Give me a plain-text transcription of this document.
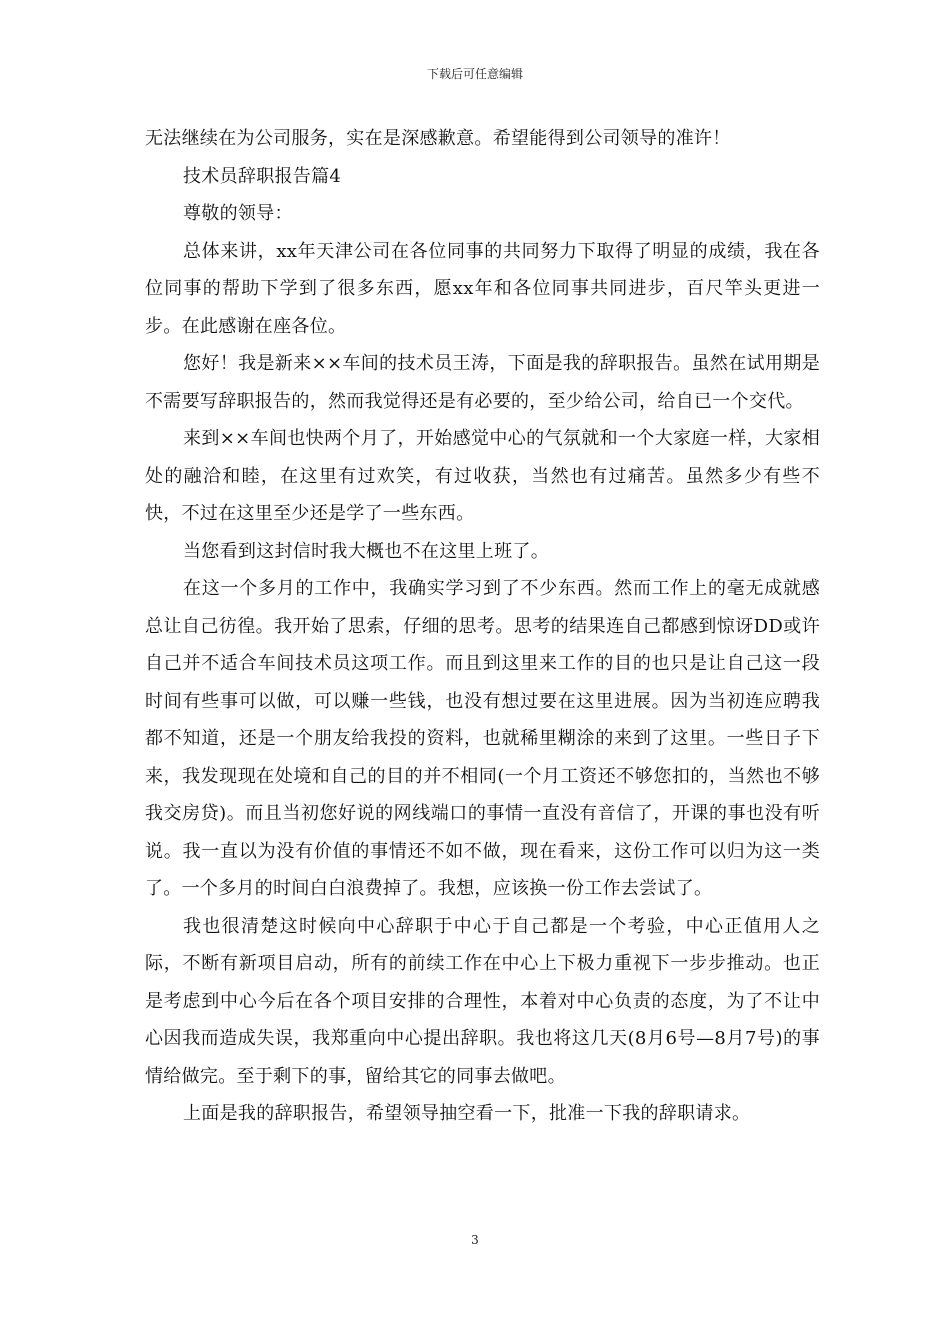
下载后可任意编辑

无法继续在为公司服务，实在是深感歉意。希望能得到公司领导的准许！

技术员辞职报告篇4

尊敬的领导：

总体来讲，xx年天津公司在各位同事的共同努力下取得了明显的成绩，我在各位同事的帮助下学到了很多东西，愿xx年和各位同事共同进步，百尺竿头更进一步。在此感谢在座各位。

您好！我是新来××车间的技术员王涛，下面是我的辞职报告。虽然在试用期是不需要写辞职报告的，然而我觉得还是有必要的，至少给公司，给自已一个交代。

来到××车间也快两个月了，开始感觉中心的气氛就和一个大家庭一样，大家相处的融洽和睦，在这里有过欢笑，有过收获，当然也有过痛苦。虽然多少有些不快，不过在这里至少还是学了一些东西。

当您看到这封信时我大概也不在这里上班了。

在这一个多月的工作中，我确实学习到了不少东西。然而工作上的毫无成就感总让自己彷徨。我开始了思索，仔细的思考。思考的结果连自己都感到惊讶DD或许自己并不适合车间技术员这项工作。而且到这里来工作的目的也只是让自己这一段时间有些事可以做，可以赚一些钱，也没有想过要在这里进展。因为当初连应聘我都不知道，还是一个朋友给我投的资料，也就稀里糊涂的来到了这里。一些日子下来，我发现现在处境和自己的目的并不相同(一个月工资还不够您扣的，当然也不够我交房贷)。而且当初您好说的网线端口的事情一直没有音信了，开课的事也没有听说。我一直以为没有价值的事情还不如不做，现在看来，这份工作可以归为这一类了。一个多月的时间白白浪费掉了。我想，应该换一份工作去尝试了。

我也很清楚这时候向中心辞职于中心于自己都是一个考验，中心正值用人之际，不断有新项目启动，所有的前续工作在中心上下极力重视下一步步推动。也正是考虑到中心今后在各个项目安排的合理性，本着对中心负责的态度，为了不让中心因我而造成失误，我郑重向中心提出辞职。我也将这几天(8月6号—8月7号)的事情给做完。至于剩下的事，留给其它的同事去做吧。

上面是我的辞职报告，希望领导抽空看一下，批准一下我的辞职请求。

3
